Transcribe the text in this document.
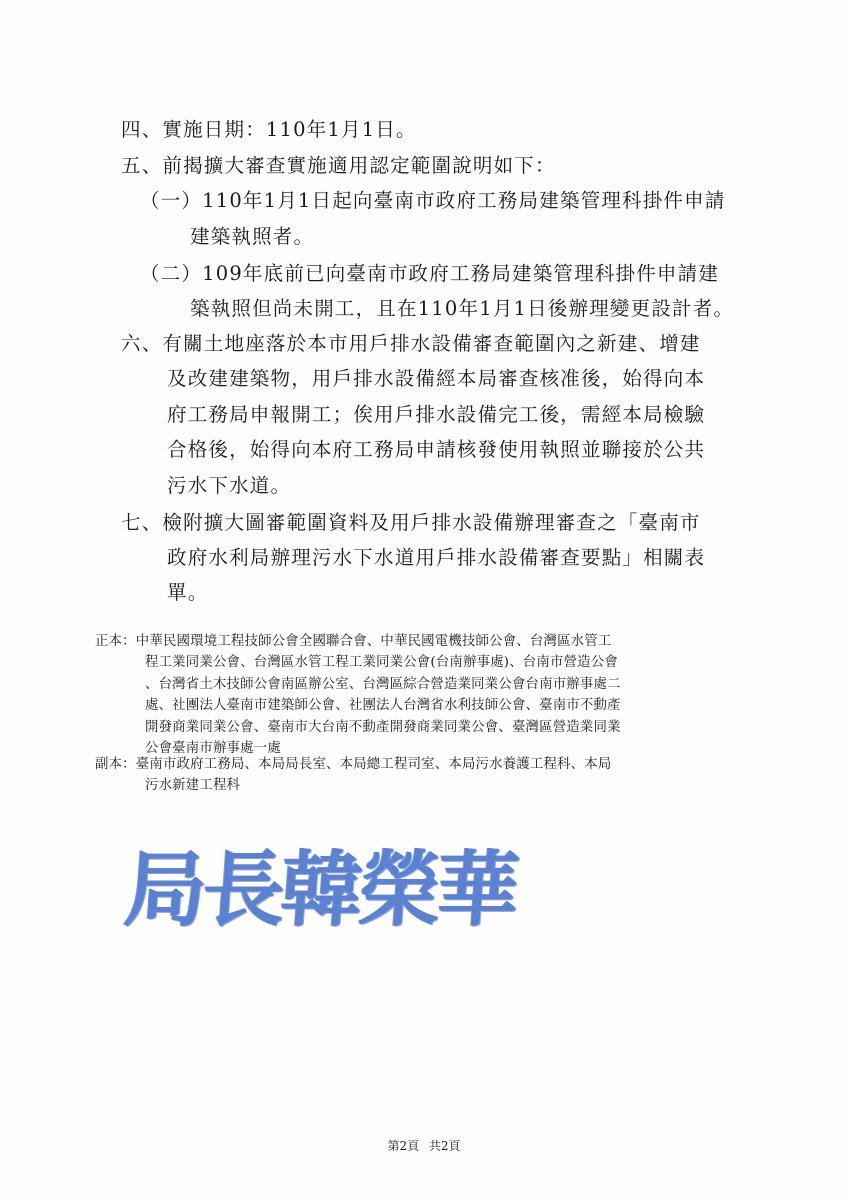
四、實施日期：110年1月1日。
五、前揭擴大審查實施適用認定範圍說明如下：
（一）110年1月1日起向臺南市政府工務局建築管理科掛件申請
建築執照者。
（二）109年底前已向臺南市政府工務局建築管理科掛件申請建
築執照但尚未開工，且在110年1月1日後辦理變更設計者。
六、有關土地座落於本市用戶排水設備審查範圍內之新建、增建
及改建建築物，用戶排水設備經本局審查核准後，始得向本
府工務局申報開工；俟用戶排水設備完工後，需經本局檢驗
合格後，始得向本府工務局申請核發使用執照並聯接於公共
污水下水道。
七、檢附擴大圖審範圍資料及用戶排水設備辦理審查之「臺南市
政府水利局辦理污水下水道用戶排水設備審查要點」相關表
單。
正本：中華民國環境工程技師公會全國聯合會、中華民國電機技師公會、台灣區水管工
程工業同業公會、台灣區水管工程工業同業公會(台南辦事處)、台南市營造公會
、台灣省土木技師公會南區辦公室、台灣區綜合營造業同業公會台南市辦事處二
處、社團法人臺南市建築師公會、社團法人台灣省水利技師公會、臺南市不動產
開發商業同業公會、臺南市大台南不動產開發商業同業公會、臺灣區營造業同業
公會臺南市辦事處一處
副本：臺南市政府工務局、本局局長室、本局總工程司室、本局污水養護工程科、本局
污水新建工程科
局長韓榮華
第2頁 共2頁
